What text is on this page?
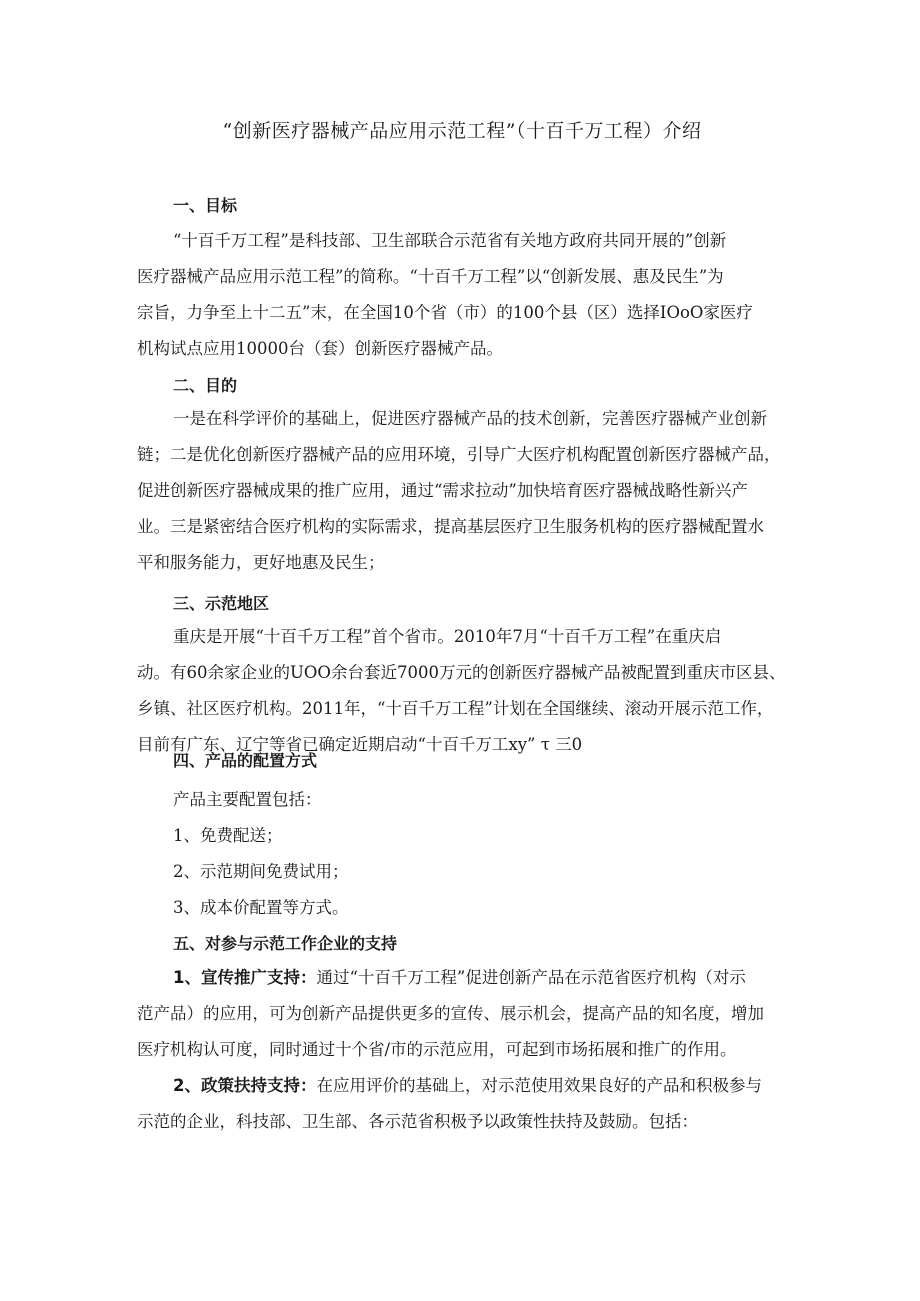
“创新医疗器械产品应用示范工程”（十百千万工程）介绍
一、目标

“十百千万工程”是科技部、卫生部联合示范省有关地方政府共同开展的”创新
医疗器械产品应用示范工程”的简称。“十百千万工程”以“创新发展、惠及民生”为
宗旨，力争至上十二五”末，在全国10个省（市）的100个县（区）选择IOoO家医疗
机构试点应用10000台（套）创新医疗器械产品。

二、目的

一是在科学评价的基础上，促进医疗器械产品的技术创新，完善医疗器械产业创新
链；二是优化创新医疗器械产品的应用环境，引导广大医疗机构配置创新医疗器械产品，
促进创新医疗器械成果的推广应用，通过“需求拉动”加快培育医疗器械战略性新兴产
业。三是紧密结合医疗机构的实际需求，提高基层医疗卫生服务机构的医疗器械配置水
平和服务能力，更好地惠及民生；

三、示范地区

重庆是开展“十百千万工程”首个省市。2010年7月“十百千万工程”在重庆启
动。有60余家企业的UOO余台套近7000万元的创新医疗器械产品被配置到重庆市区县、
乡镇、社区医疗机构。2011年，“十百千万工程”计划在全国继续、滚动开展示范工作，
目前有广东、辽宁等省已确定近期启动“十百千万工xy” τ 三0

四、产品的配置方式

产品主要配置包括：

1、免费配送；

2、示范期间免费试用；

3、成本价配置等方式。

五、对参与示范工作企业的支持

1、宣传推广支持：通过“十百千万工程”促进创新产品在示范省医疗机构（对示
范产品）的应用，可为创新产品提供更多的宣传、展示机会，提高产品的知名度，增加
医疗机构认可度，同时通过十个省/市的示范应用，可起到市场拓展和推广的作用。

2、政策扶持支持：在应用评价的基础上，对示范使用效果良好的产品和积极参与
示范的企业，科技部、卫生部、各示范省积极予以政策性扶持及鼓励。包括：
